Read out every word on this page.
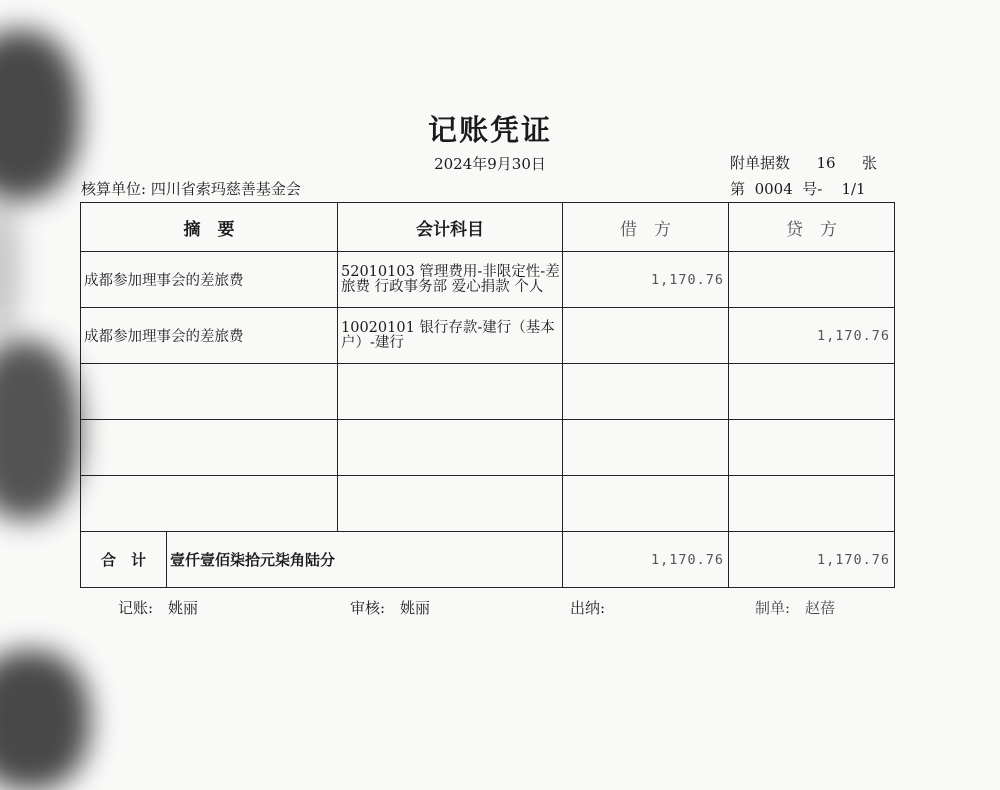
记账凭证
2024年9月30日	附单据数 16 张
核算单位: 四川省索玛慈善基金会	第 0004 号- 1/1
摘　要		会计科目	借　方	贷　方
成都参加理事会的差旅费		52010103 管理费用-非限定性-差旅费 行政事务部 爱心捐款 个人	1,170.76	
成都参加理事会的差旅费		10020101 银行存款-建行（基本户）-建行		1,170.76

合　计	壹仟壹佰柒拾元柒角陆分		1,170.76	1,170.76
记账:　姚丽	审核:　姚丽	出纳:	制单:　赵蓓
